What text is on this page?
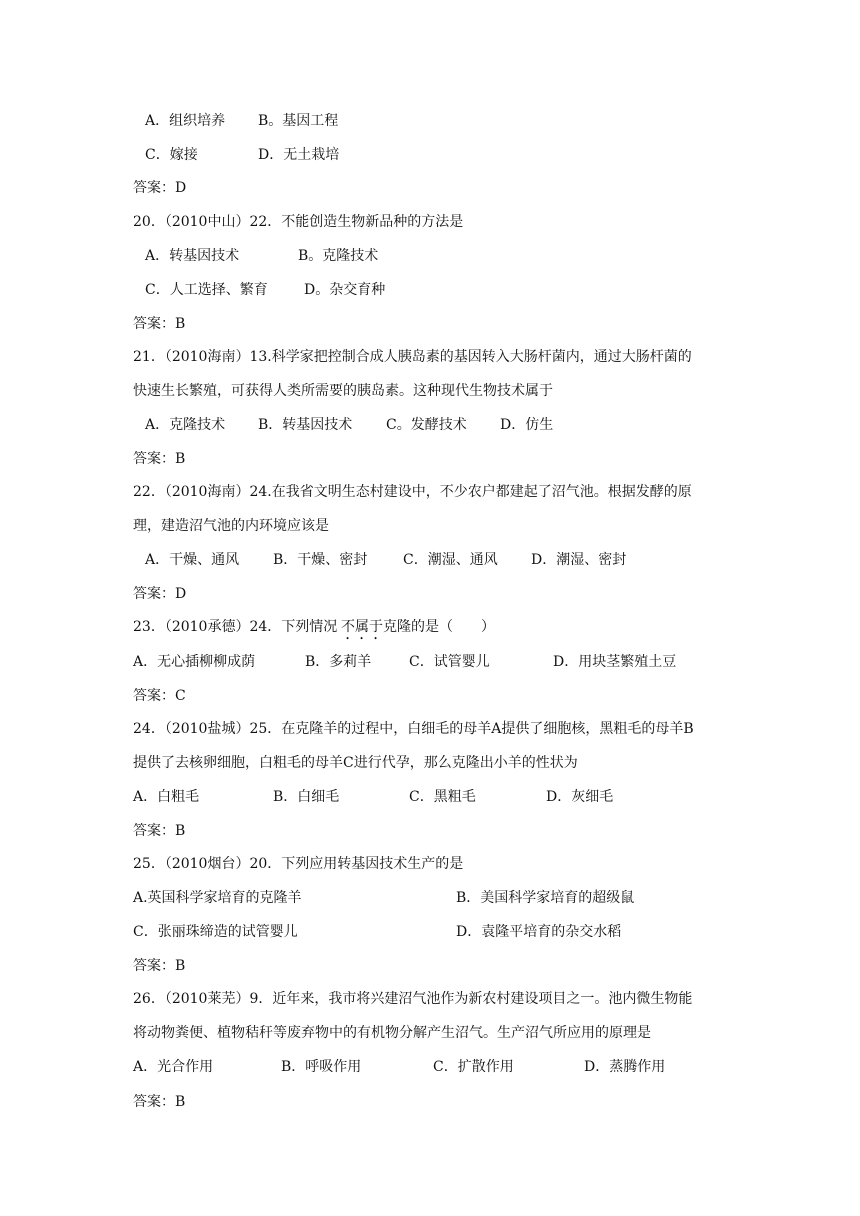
A．组织培养 B。基因工程
C．嫁接	D．无土栽培
答案：D
20．（2010中山）22．不能创造生物新品种的方法是
A．转基因技术	B。克隆技术
C．人工选择、繁育	D。杂交育种
答案：B
21．（2010海南）13.科学家把控制合成人胰岛素的基因转入大肠杆菌内，通过大肠杆菌的
快速生长繁殖，可获得人类所需要的胰岛素。这种现代生物技术属于
A．克隆技术 B．转基因技术 C。发酵技术 D．仿生
答案：B
22．（2010海南）24.在我省文明生态村建设中，不少农户都建起了沼气池。根据发酵的原
理，建造沼气池的内环境应该是
A．干燥、通风 B．干燥、密封	C．潮湿、通风 D．潮湿、密封
答案：D
23．（2010承德）24．下列情况 不属于 克隆的是（　　）
A．无心插柳柳成荫	B．多莉羊	C．试管婴儿	D．用块茎繁殖土豆
答案：C
24．（2010盐城）25．在克隆羊的过程中，白细毛的母羊A提供了细胞核，黑粗毛的母羊B
提供了去核卵细胞，白粗毛的母羊C进行代孕，那么克隆出小羊的性状为
A．白粗毛	B．白细毛	C．黑粗毛	D．灰细毛
答案：B
25．（2010烟台）20．下列应用转基因技术生产的是
A.英国科学家培育的克隆羊	B．美国科学家培育的超级鼠
C．张丽珠缔造的试管婴儿	D．袁隆平培育的杂交水稻
答案：B
26．（2010莱芜）9．近年来，我市将兴建沼气池作为新农村建设项目之一。池内微生物能
将动物粪便、植物秸秆等废弃物中的有机物分解产生沼气。生产沼气所应用的原理是
A．光合作用	B．呼吸作用	C．扩散作用	D．蒸腾作用
答案：B
